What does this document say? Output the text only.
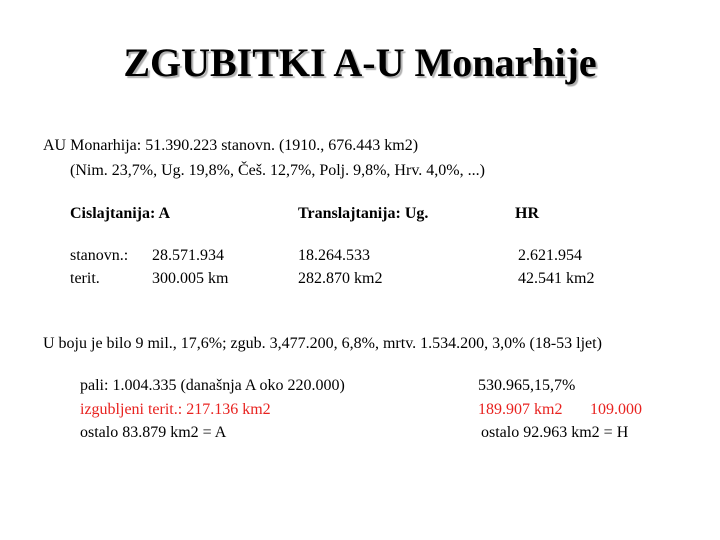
ZGUBITKI A-U Monarhije
AU Monarhija: 51.390.223 stanovn. (1910., 676.443 km2)
(Nim. 23,7%, Ug. 19,8%, Češ. 12,7%, Polj. 9,8%, Hrv. 4,0%, ...)
Cislajtanija: A	Translajtanija: Ug.	HR
stanovn.: 28.571.934	18.264.533	2.621.954
terit.	300.005 km	282.870 km2	42.541 km2
U boju je bilo 9 mil., 17,6%; zgub. 3,477.200, 6,8%, mrtv. 1.534.200, 3,0% (18-53 ljet)
pali: 1.004.335 (današnja A oko 220.000)	530.965,15,7%
izgubljeni terit.: 217.136 km2	189.907 km2 109.000
ostalo 83.879 km2 = A	ostalo 92.963 km2 = H
